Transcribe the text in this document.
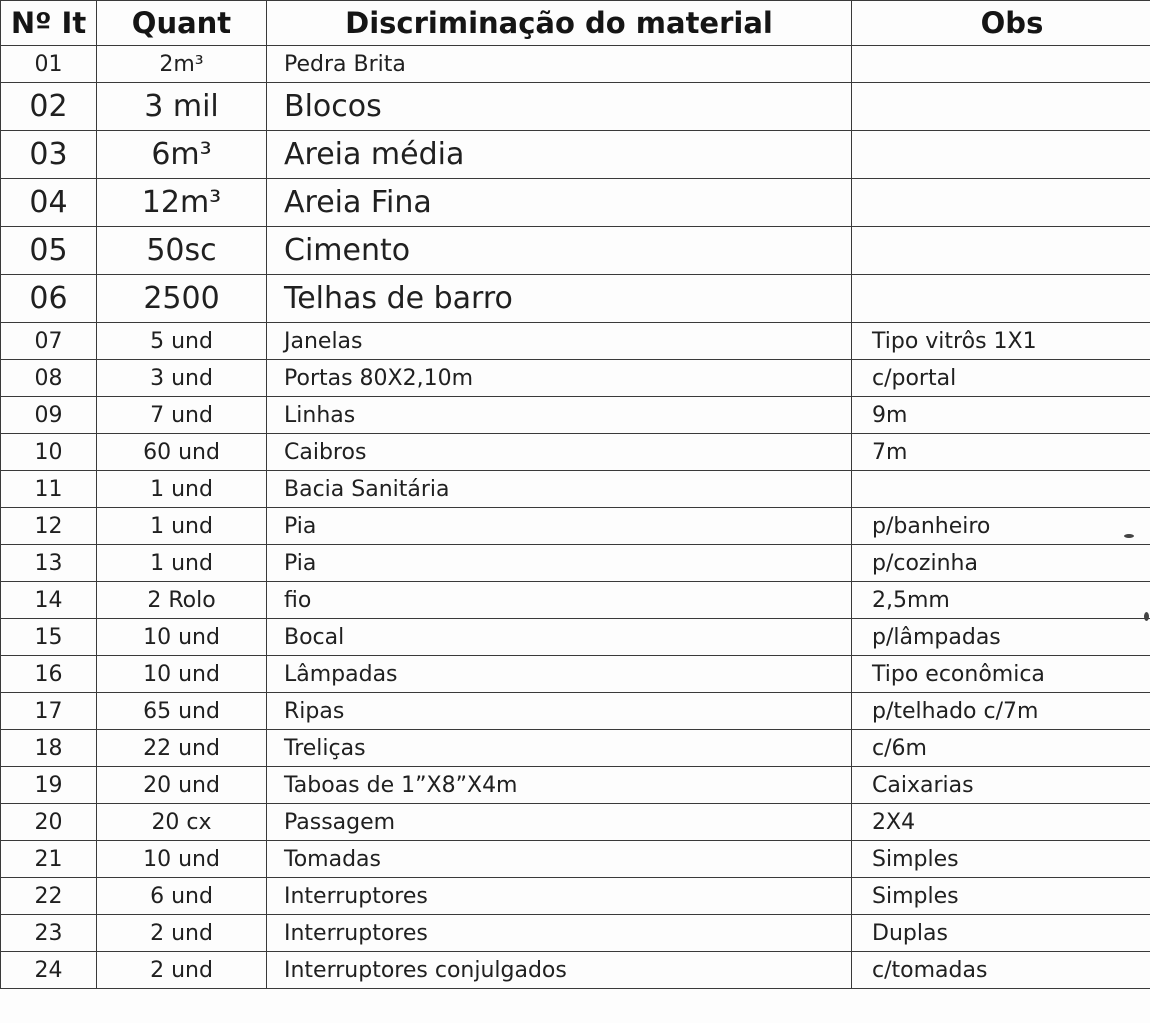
Nº It	Quant	Discriminação do material	Obs
01	2m³	Pedra Brita	
02	3 mil	Blocos	
03	6m³	Areia média	
04	12m³	Areia Fina	
05	50sc	Cimento	
06	2500	Telhas de barro	
07	5 und	Janelas	Tipo vitrôs 1X1
08	3 und	Portas 80X2,10m	c/portal
09	7 und	Linhas	9m
10	60 und	Caibros	7m
11	1 und	Bacia Sanitária	
12	1 und	Pia	p/banheiro
13	1 und	Pia	p/cozinha
14	2 Rolo	fio	2,5mm
15	10 und	Bocal	p/lâmpadas
16	10 und	Lâmpadas	Tipo econômica
17	65 und	Ripas	p/telhado c/7m
18	22 und	Treliças	c/6m
19	20 und	Taboas de 1”X8”X4m	Caixarias
20	20 cx	Passagem	2X4
21	10 und	Tomadas	Simples
22	6 und	Interruptores	Simples
23	2 und	Interruptores	Duplas
24	2 und	Interruptores conjulgados	c/tomadas
